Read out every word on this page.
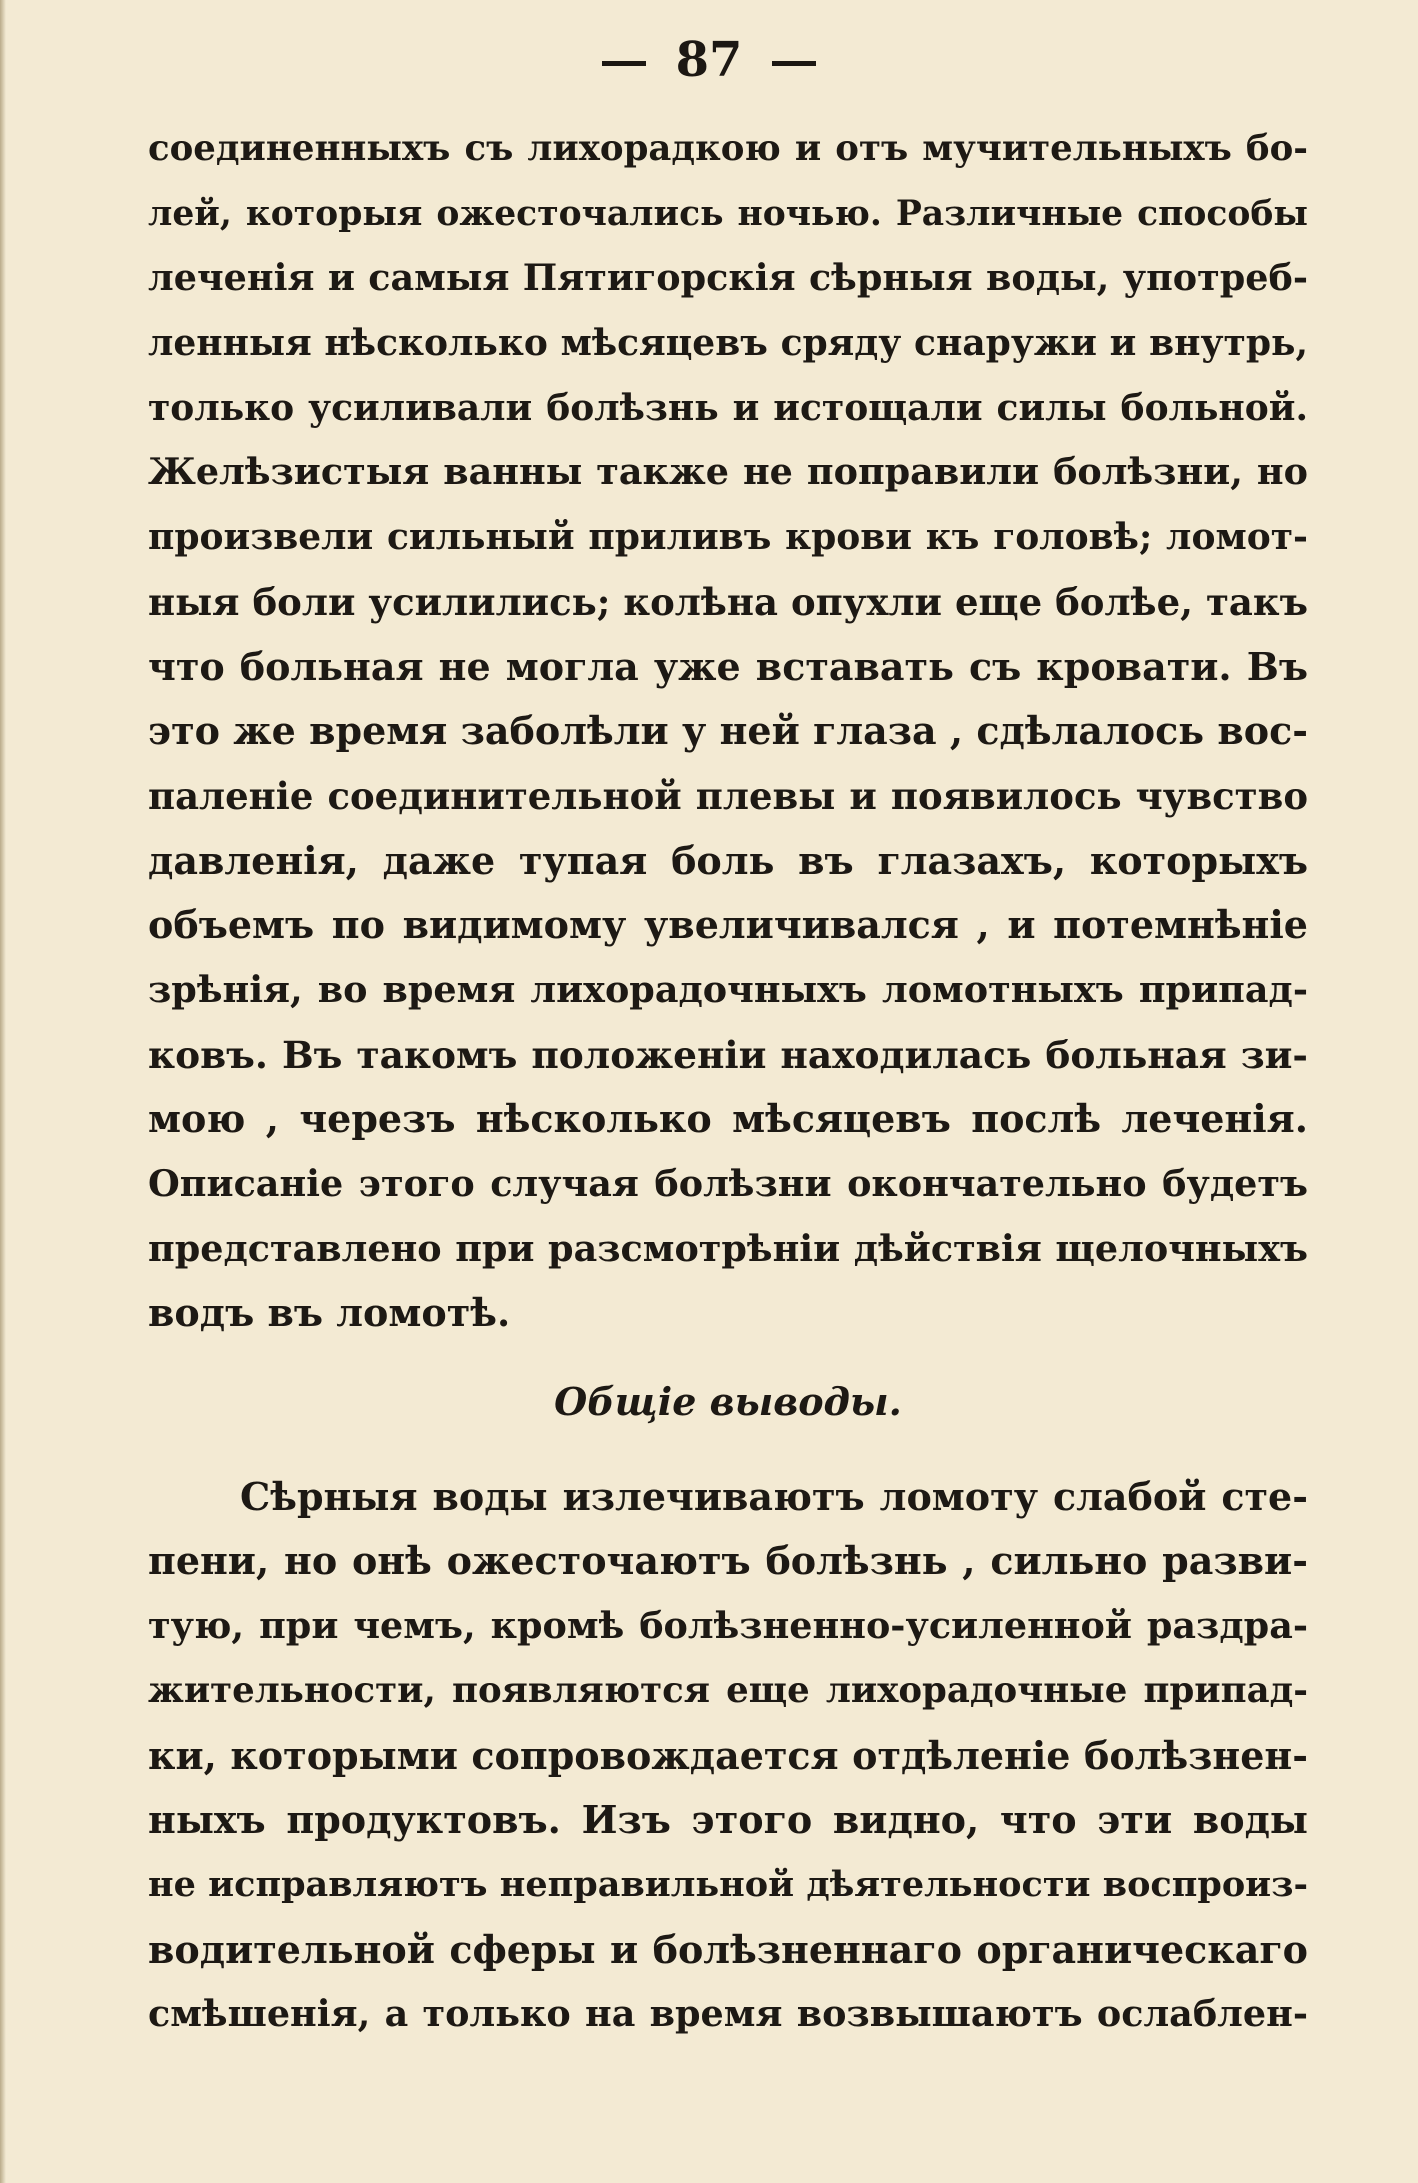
87
соединенныхъ съ лихорадкою и отъ мучительныхъ бо-
лей, которыя ожесточались ночью. Различные способы
леченія и самыя Пятигорскія сѣрныя воды, употреб-
ленныя нѣсколько мѣсяцевъ сряду снаружи и внутрь,
только усиливали болѣзнь и истощали силы больной.
Желѣзистыя ванны также не поправили болѣзни, но
произвели сильный приливъ крови къ головѣ; ломот-
ныя боли усилились; колѣна опухли еще болѣе, такъ
что больная не могла уже вставать съ кровати. Въ
это же время заболѣли у ней глаза , сдѣлалось вос-
паленіе соединительной плевы и появилось чувство
давленія, даже тупая боль въ глазахъ, которыхъ
объемъ по видимому увеличивался , и потемнѣніе
зрѣнія, во время лихорадочныхъ ломотныхъ припад-
ковъ. Въ такомъ положеніи находилась больная зи-
мою , черезъ нѣсколько мѣсяцевъ послѣ леченія.
Описаніе этого случая болѣзни окончательно будетъ
представлено при разсмотрѣніи дѣйствія щелочныхъ
водъ въ ломотѣ.
Общіе выводы.
Сѣрныя воды излечиваютъ ломоту слабой сте-
пени, но онѣ ожесточаютъ болѣзнь , сильно разви-
тую, при чемъ, кромѣ болѣзненно-усиленной раздра-
жительности, появляются еще лихорадочные припад-
ки, которыми сопровождается отдѣленіе болѣзнен-
ныхъ продуктовъ. Изъ этого видно, что эти воды
не исправляютъ неправильной дѣятельности воспроиз-
водительной сферы и болѣзненнаго органическаго
смѣшенія, а только на время возвышаютъ ослаблен-
